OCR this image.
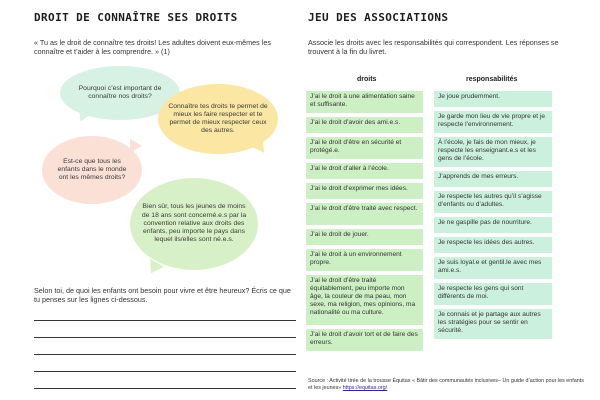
DROIT DE CONNAÎTRE SES DROITS
« Tu as le droit de connaître tes droits! Les adultes doivent eux-mêmes les connaître et t’aider à les comprendre. » (1)
Pourquoi c’est important de connaître nos droits?
Connaître tes droits te permet de mieux les faire respecter et te permet de mieux respecter ceux des autres.
Est-ce que tous les enfants dans le monde ont les mêmes droits?
Bien sûr, tous les jeunes de moins de 18 ans sont concerné.e.s par la convention relative aux droits des enfants, peu importe le pays dans lequel ils/elles sont né.e.s.
Selon toi, de quoi les enfants ont besoin pour vivre et être heureux? Écris ce que tu penses sur les lignes ci-dessous.
JEU DES ASSOCIATIONS
Associe les droits avec les responsabilités qui correspondent. Les réponses se trouvent à la fin du livret.
droits	responsabilités
J’ai le droit à une alimentation saine et suffisante.
J’ai le droit d’avoir des ami.e.s.
J’ai le droit d’être en sécurité et protégé.e.
J’ai le droit d’aller à l’école.
J’ai le droit d’exprimer mes idées.
J’ai le droit d’être traité avec respect.
J’ai le droit de jouer.
J’ai le droit à un environnement propre.
J’ai le droit d’être traité équitablement, peu importe mon âge, la couleur de ma peau, mon sexe, ma religion, mes opinions, ma nationalité ou ma culture.
J’ai le droit d’avoir tort et de faire des erreurs.
Je joue prudemment.
Je garde mon lieu de vie propre et je respecte l’environnement.
À l’école, je fais de mon mieux, je respecte les enseignant.e.s et les gens de l’école.
J’apprends de mes erreurs.
Je respecte les autres qu’il s’agisse d’enfants ou d’adultes.
Je ne gaspille pas de nourriture.
Je respecte les idées des autres.
Je suis loyal.e et gentil.le avec mes ami.e.s.
Je respecte les gens qui sont différents de moi.
Je connais et je partage aux autres les stratégies pour se sentir en sécurité.
Source : Activité tirée de la trousse Équitas « Bâtir des communautés inclusives– Un guide d’action pour les enfants et les jeunes» https://equitas.org/
